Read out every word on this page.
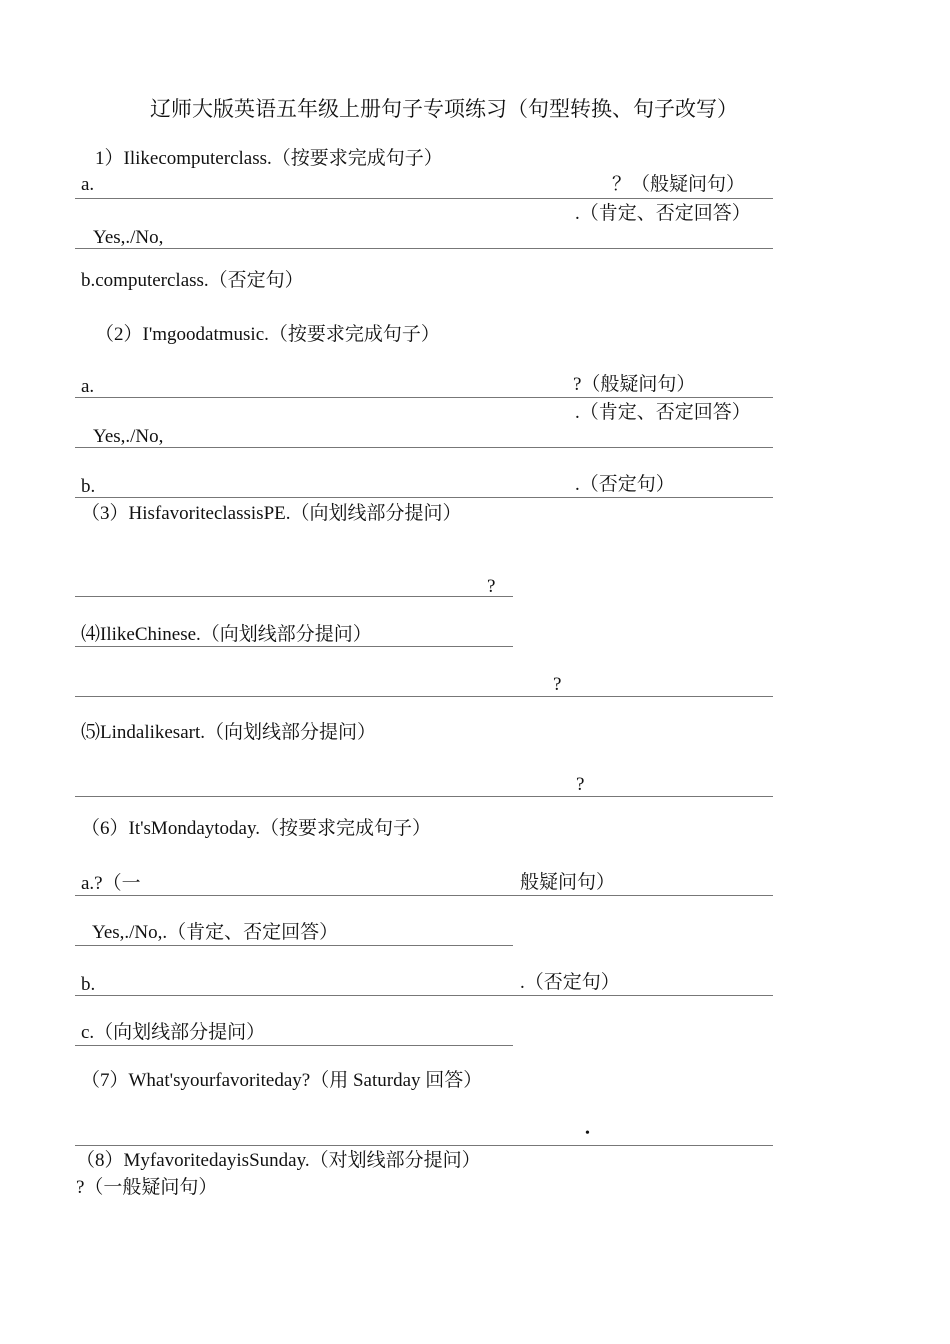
辽师大版英语五年级上册句子专项练习（句型转换、句子改写）
1）Ilikecomputerclass.（按要求完成句子）
a.	？（般疑问句）
.（肯定、否定回答）
Yes,./No,
b.computerclass.（否定句）
（2）I'mgoodatmusic.（按要求完成句子）
a.	?（般疑问句）
.（肯定、否定回答）
Yes,./No,
b.	.（否定句）
（3）HisfavoriteclassisPE.（向划线部分提问）
?
⑷IlikeChinese.（向划线部分提问）
?
⑸Lindalikesart.（向划线部分提问）
?
（6）It'sMondaytoday.（按要求完成句子）
a.?（一	般疑问句）
Yes,./No,.（肯定、否定回答）
b.	.（否定句）
c.（向划线部分提问）
（7）What'syourfavoriteday?（用 Saturday 回答）
•
（8）MyfavoritedayisSunday.（对划线部分提问）
?（一般疑问句）
